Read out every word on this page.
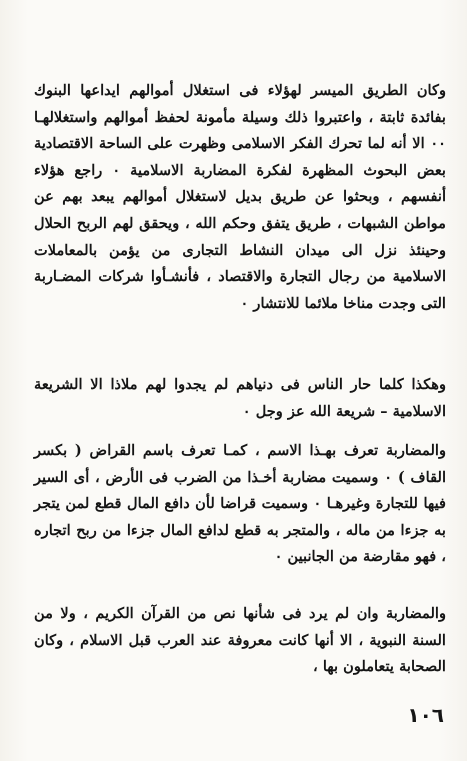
وكان الطريق الميسر لهؤلاء فى استغلال أموالهم ايداعها البنوك بفائدة ثابتة ، واعتبروا ذلك وسيلة مأمونة لحفظ أموالهم واستغلالهـا ٠٠ الا أنه لما تحرك الفكر الاسلامى وظهرت على الساحة الاقتصادية بعض البحوث المظهرة لفكرة المضاربة الاسلامية ٠ راجع هؤلاء أنفسهم ، وبحثوا عن طريق بديل لاستغلال أموالهم يبعد بهم عن مواطن الشبهات ، طريق يتفق وحكم الله ، ويحقق لهم الربح الحلال وحينئذ نزل الى ميدان النشاط التجارى من يؤمن بالمعاملات الاسلامية من رجال التجارة والاقتصاد ، فأنشـأوا شركات المضـاربة التى وجدت مناخا ملائما للانتشار ٠
وهكذا كلما حار الناس فى دنياهم لم يجدوا لهم ملاذا الا الشريعة الاسلامية – شريعة الله عز وجل ٠
والمضاربة تعرف بهـذا الاسم ، كمـا تعرف باسم القراض ( بكسر القاف ) ٠ وسميت مضاربة أخـذا من الضرب فى الأرض ، أى السير فيها للتجارة وغيرهـا ٠ وسميت قراضا لأن دافع المال قطع لمن يتجر به جزءا من ماله ، والمتجر به قطع لدافع المال جزءا من ربح اتجاره ، فهو مقارضة من الجانبين ٠
والمضاربة وان لم يرد فى شأنها نص من القرآن الكريم ، ولا من السنة النبوية ، الا أنها كانت معروفة عند العرب قبل الاسلام ، وكان الصحابة يتعاملون بها ،
١٠٦
